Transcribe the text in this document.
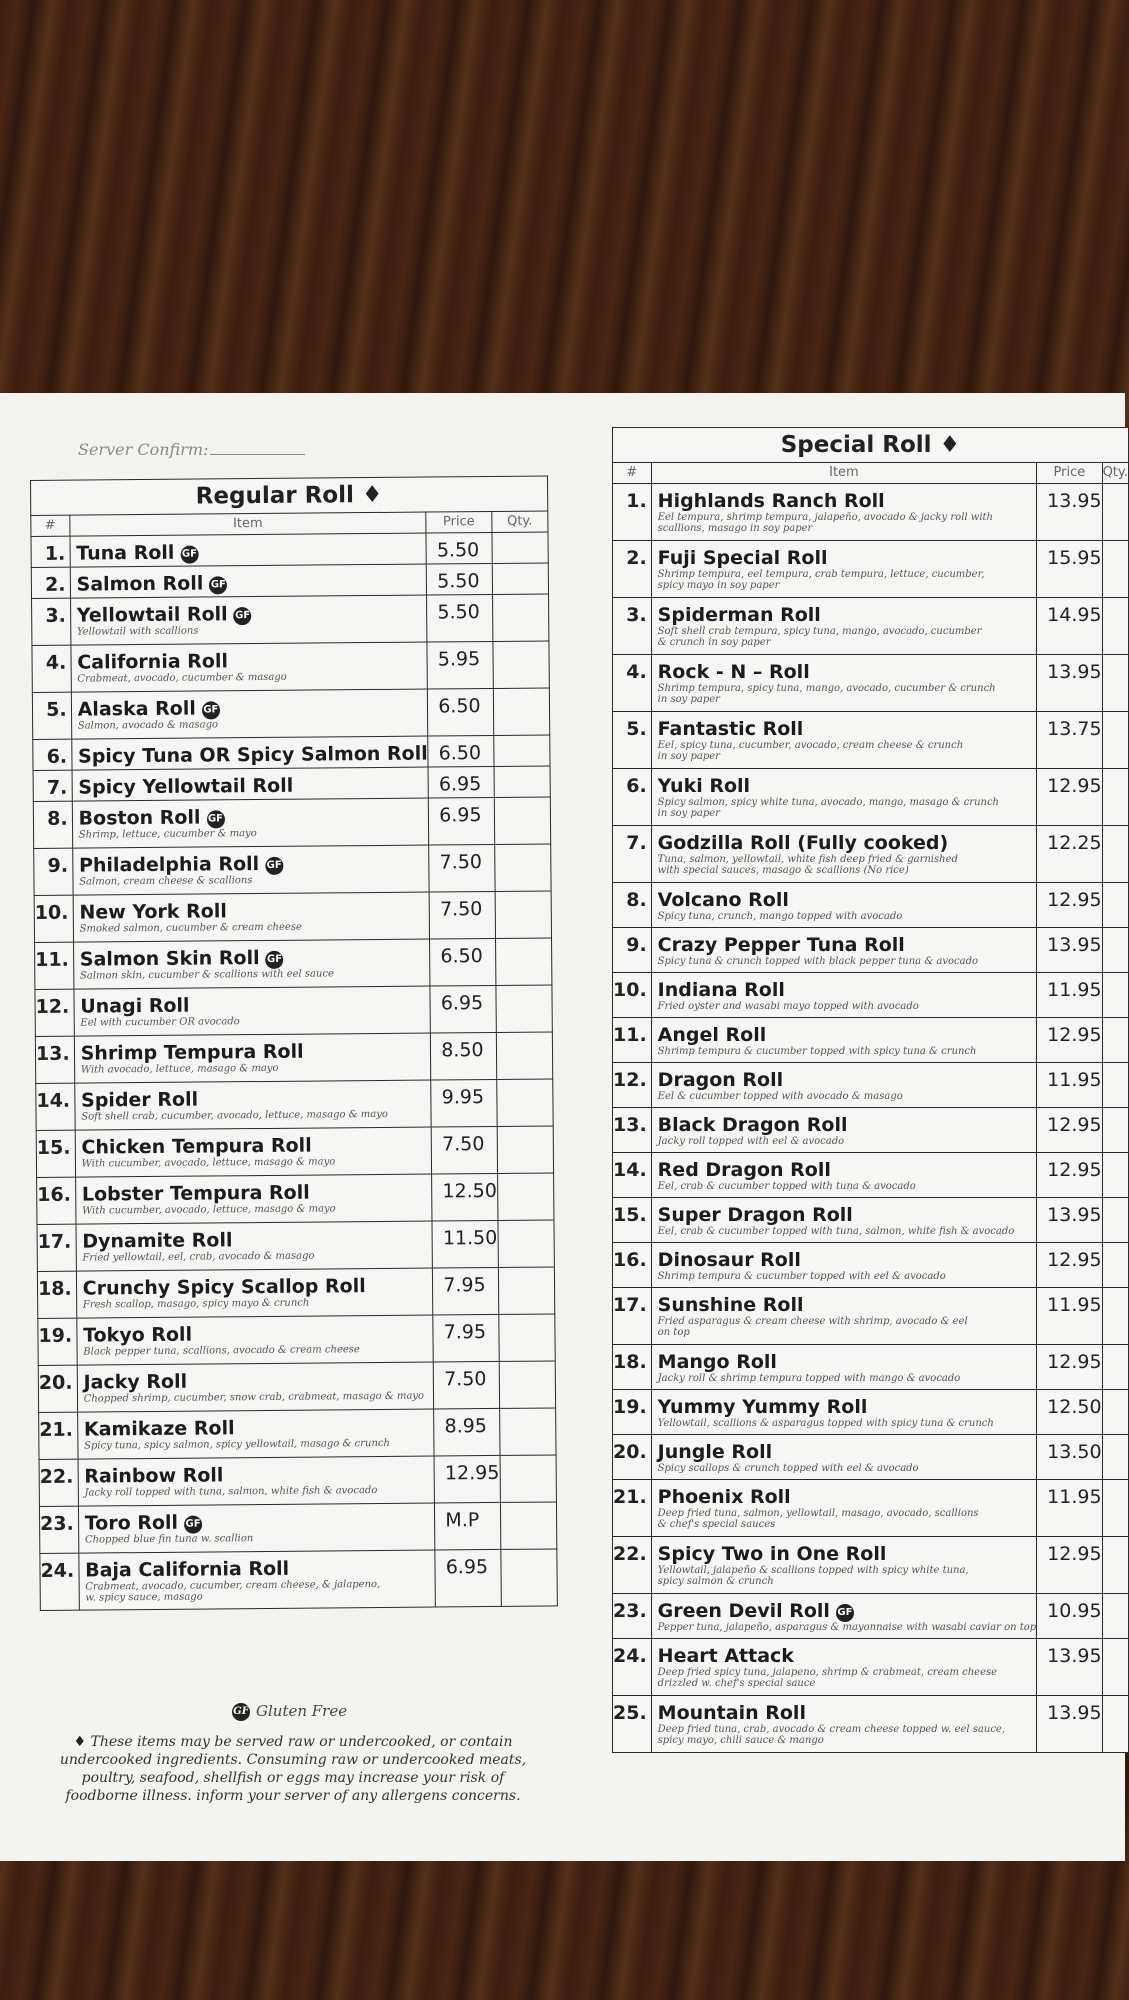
Server Confirm:
Regular Roll ♦			
#	Item	Price	Qty.
1.	Tuna Roll GF	5.50	
2.	Salmon Roll GF	5.50	
3.	Yellowtail Roll GF
Yellowtail with scallions	5.50	
4.	California Roll
Crabmeat, avocado, cucumber & masago	5.95	
5.	Alaska Roll GF
Salmon, avocado & masago	6.50	
6.	Spicy Tuna OR Spicy Salmon Roll	6.50	
7.	Spicy Yellowtail Roll	6.95	
8.	Boston Roll GF
Shrimp, lettuce, cucumber & mayo	6.95	
9.	Philadelphia Roll GF
Salmon, cream cheese & scallions	7.50	
10.	New York Roll
Smoked salmon, cucumber & cream cheese	7.50	
11.	Salmon Skin Roll GF
Salmon skin, cucumber & scallions with eel sauce	6.50	
12.	Unagi Roll
Eel with cucumber OR avocado	6.95	
13.	Shrimp Tempura Roll
With avocado, lettuce, masago & mayo	8.50	
14.	Spider Roll
Soft shell crab, cucumber, avocado, lettuce, masago & mayo	9.95	
15.	Chicken Tempura Roll
With cucumber, avocado, lettuce, masago & mayo	7.50	
16.	Lobster Tempura Roll
With cucumber, avocado, lettuce, masago & mayo	12.50	
17.	Dynamite Roll
Fried yellowtail, eel, crab, avocado & masago	11.50	
18.	Crunchy Spicy Scallop Roll
Fresh scallop, masago, spicy mayo & crunch	7.95	
19.	Tokyo Roll
Black pepper tuna, scallions, avocado & cream cheese	7.95	
20.	Jacky Roll
Chopped shrimp, cucumber, snow crab, crabmeat, masago & mayo	7.50	
21.	Kamikaze Roll
Spicy tuna, spicy salmon, spicy yellowtail, masago & crunch	8.95	
22.	Rainbow Roll
Jacky roll topped with tuna, salmon, white fish & avocado	12.95	
23.	Toro Roll GF
Chopped blue fin tuna w. scallion	M.P	
24.	Baja California Roll
Crabmeat, avocado, cucumber, cream cheese, & jalapeno,
w. spicy sauce, masago	6.95	
Special Roll ♦			
#	Item	Price	Qty.
1.	Highlands Ranch Roll
Eel tempura, shrimp tempura, jalapeño, avocado & jacky roll with
scallions, masago in soy paper	13.95	
2.	Fuji Special Roll
Shrimp tempura, eel tempura, crab tempura, lettuce, cucumber,
spicy mayo in soy paper	15.95	
3.	Spiderman Roll
Soft shell crab tempura, spicy tuna, mango, avocado, cucumber
& crunch in soy paper	14.95	
4.	Rock - N – Roll
Shrimp tempura, spicy tuna, mango, avocado, cucumber & crunch
in soy paper	13.95	
5.	Fantastic Roll
Eel, spicy tuna, cucumber, avocado, cream cheese & crunch
in soy paper	13.75	
6.	Yuki Roll
Spicy salmon, spicy white tuna, avocado, mango, masago & crunch
in soy paper	12.95	
7.	Godzilla Roll (Fully cooked)
Tuna, salmon, yellowtail, white fish deep fried & garnished
with special sauces, masago & scallions (No rice)	12.25	
8.	Volcano Roll
Spicy tuna, crunch, mango topped with avocado	12.95	
9.	Crazy Pepper Tuna Roll
Spicy tuna & crunch topped with black pepper tuna & avocado	13.95	
10.	Indiana Roll
Fried oyster and wasabi mayo topped with avocado	11.95	
11.	Angel Roll
Shrimp tempura & cucumber topped with spicy tuna & crunch	12.95	
12.	Dragon Roll
Eel & cucumber topped with avocado & masago	11.95	
13.	Black Dragon Roll
Jacky roll topped with eel & avocado	12.95	
14.	Red Dragon Roll
Eel, crab & cucumber topped with tuna & avocado	12.95	
15.	Super Dragon Roll
Eel, crab & cucumber topped with tuna, salmon, white fish & avocado	13.95	
16.	Dinosaur Roll
Shrimp tempura & cucumber topped with eel & avocado	12.95	
17.	Sunshine Roll
Fried asparagus & cream cheese with shrimp, avocado & eel
on top	11.95	
18.	Mango Roll
Jacky roll & shrimp tempura topped with mango & avocado	12.95	
19.	Yummy Yummy Roll
Yellowtail, scallions & asparagus topped with spicy tuna & crunch	12.50	
20.	Jungle Roll
Spicy scallops & crunch topped with eel & avocado	13.50	
21.	Phoenix Roll
Deep fried tuna, salmon, yellowtail, masago, avocado, scallions
& chef's special sauces	11.95	
22.	Spicy Two in One Roll
Yellowtail, jalapeño & scallions topped with spicy white tuna,
spicy salmon & crunch	12.95	
23.	Green Devil Roll GF
Pepper tuna, jalapeño, asparagus & mayonnaise with wasabi caviar on top	10.95	
24.	Heart Attack
Deep fried spicy tuna, jalapeno, shrimp & crabmeat, cream cheese
drizzled w. chef's special sauce	13.95	
25.	Mountain Roll
Deep fried tuna, crab, avocado & cream cheese topped w. eel sauce,
spicy mayo, chili sauce & mango	13.95	
GF Gluten Free
♦ These items may be served raw or undercooked, or contain undercooked ingredients. Consuming raw or undercooked meats, poultry, seafood, shellfish or eggs may increase your risk of foodborne illness. inform your server of any allergens concerns.
